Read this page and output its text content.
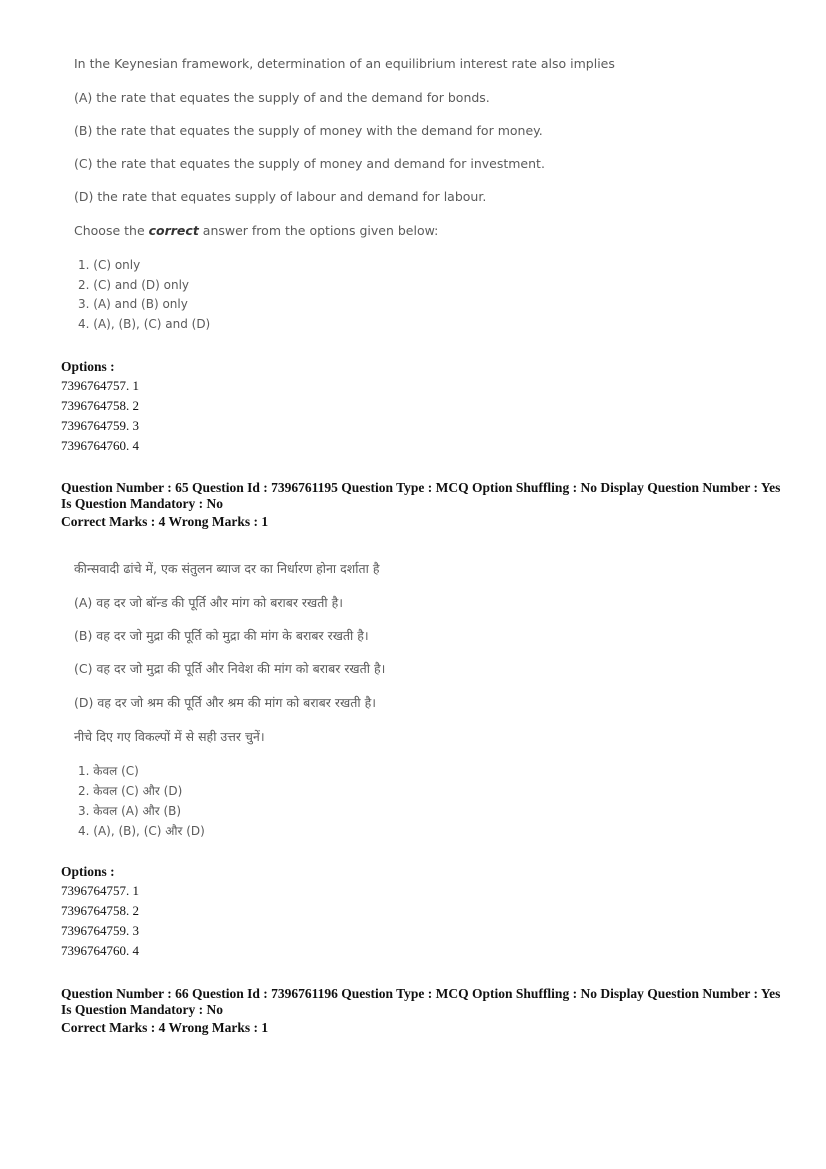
In the Keynesian framework, determination of an equilibrium interest rate also implies

(A) the rate that equates the supply of and the demand for bonds.

(B) the rate that equates the supply of money with the demand for money.

(C) the rate that equates the supply of money and demand for investment.

(D) the rate that equates supply of labour and demand for labour.

Choose the correct answer from the options given below:

1. (C) only

2. (C) and (D) only

3. (A) and (B) only

4. (A), (B), (C) and (D)

Options :
7396764757. 1
7396764758. 2
7396764759. 3
7396764760. 4
Question Number : 65 Question Id : 7396761195 Question Type : MCQ Option Shuffling : No Display Question Number : Yes
Is Question Mandatory : No
Correct Marks : 4 Wrong Marks : 1

कीन्सवादी ढांचे में, एक संतुलन ब्याज दर का निर्धारण होना दर्शाता है

(A) वह दर जो बॉन्ड की पूर्ति और मांग को बराबर रखती है।

(B) वह दर जो मुद्रा की पूर्ति को मुद्रा की मांग के बराबर रखती है।

(C) वह दर जो मुद्रा की पूर्ति और निवेश की मांग को बराबर रखती है।

(D) वह दर जो श्रम की पूर्ति और श्रम की मांग को बराबर रखती है।

नीचे दिए गए विकल्पों में से सही उत्तर चुनें।

1. केवल (C)

2. केवल (C) और (D)

3. केवल (A) और (B)

4. (A), (B), (C) और (D)

Options :
7396764757. 1
7396764758. 2
7396764759. 3
7396764760. 4
Question Number : 66 Question Id : 7396761196 Question Type : MCQ Option Shuffling : No Display Question Number : Yes
Is Question Mandatory : No
Correct Marks : 4 Wrong Marks : 1
